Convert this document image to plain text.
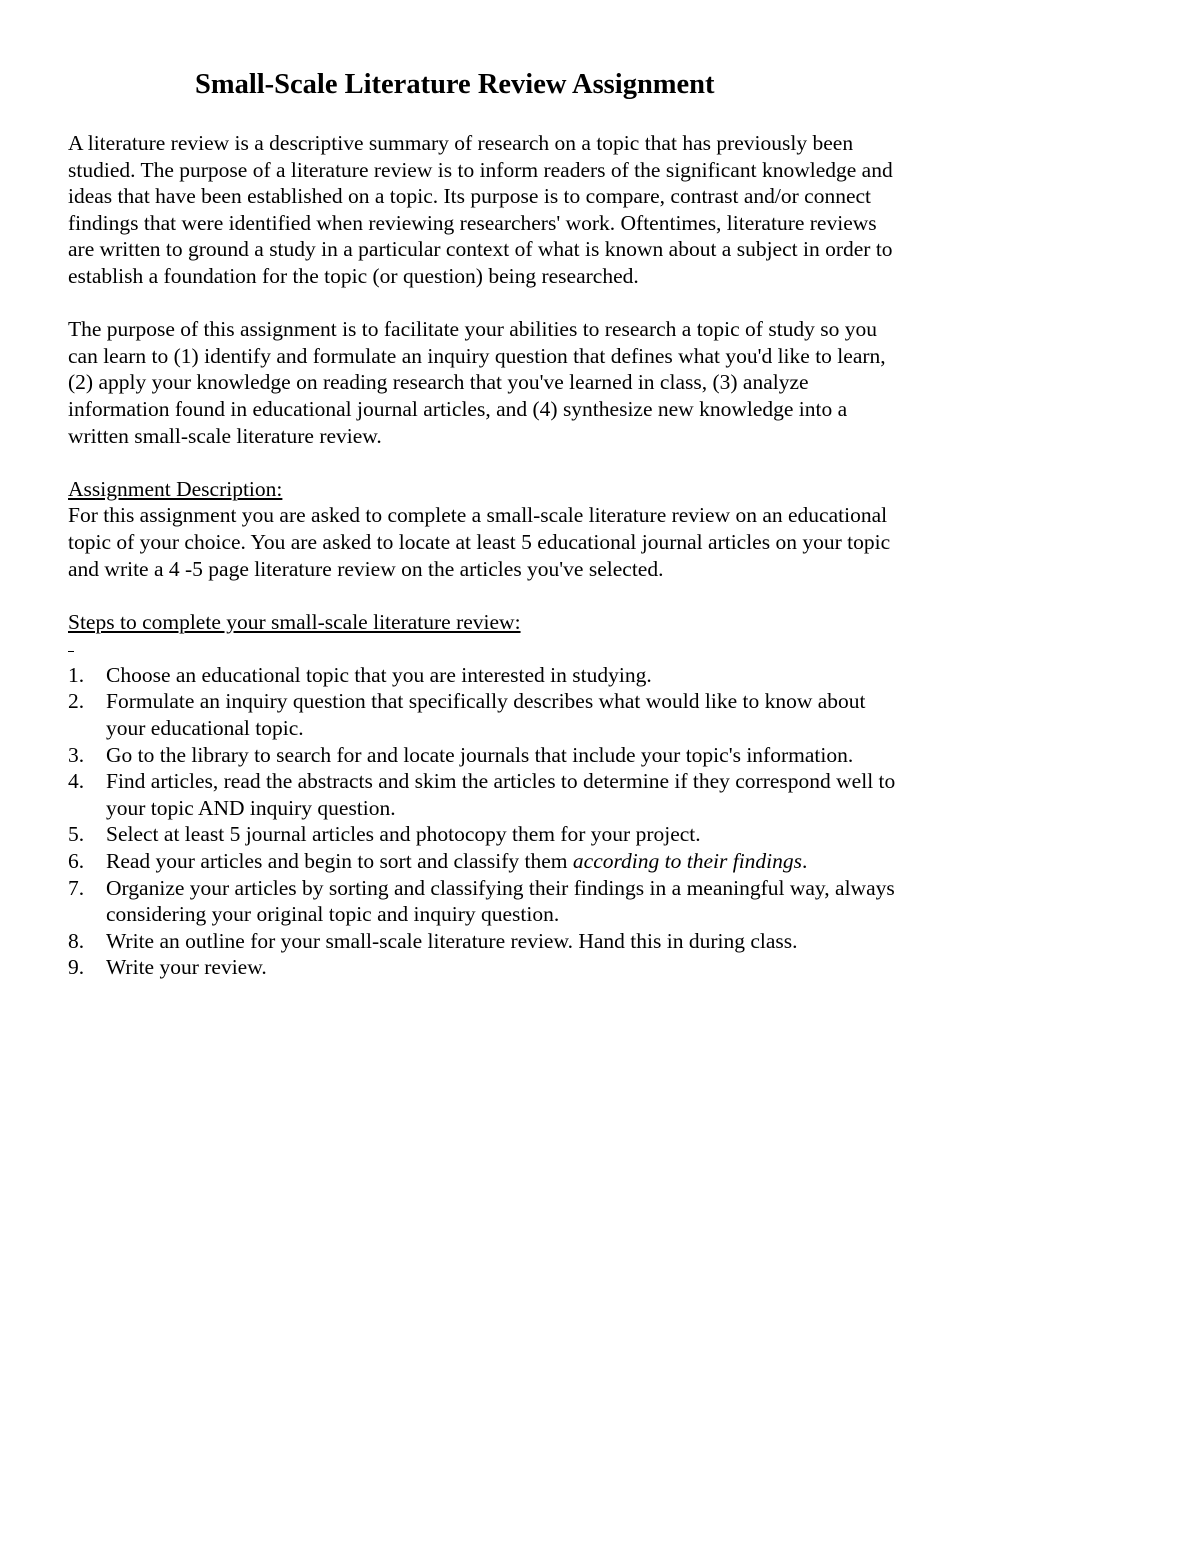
Small-Scale Literature Review Assignment

A literature review is a descriptive summary of research on a topic that has previously been studied. The purpose of a literature review is to inform readers of the significant knowledge and ideas that have been established on a topic. Its purpose is to compare, contrast and/or connect findings that were identified when reviewing researchers' work. Oftentimes, literature reviews are written to ground a study in a particular context of what is known about a subject in order to establish a foundation for the topic (or question) being researched.

The purpose of this assignment is to facilitate your abilities to research a topic of study so you can learn to (1) identify and formulate an inquiry question that defines what you'd like to learn, (2) apply your knowledge on reading research that you've learned in class, (3) analyze information found in educational journal articles, and (4) synthesize new knowledge into a written small-scale literature review.

Assignment Description:

For this assignment you are asked to complete a small-scale literature review on an educational topic of your choice. You are asked to locate at least 5 educational journal articles on your topic and write a 4 -5 page literature review on the articles you've selected.

Steps to complete your small-scale literature review:

1.	Choose an educational topic that you are interested in studying.
2.	Formulate an inquiry question that specifically describes what would like to know about your educational topic.
3.	Go to the library to search for and locate journals that include your topic's information.
4.	Find articles, read the abstracts and skim the articles to determine if they correspond well to your topic AND inquiry question.
5.	Select at least 5 journal articles and photocopy them for your project.
6.	Read your articles and begin to sort and classify them according to their findings.
7.	Organize your articles by sorting and classifying their findings in a meaningful way, always considering your original topic and inquiry question.
8.	Write an outline for your small-scale literature review. Hand this in during class.
9.	Write your review.
